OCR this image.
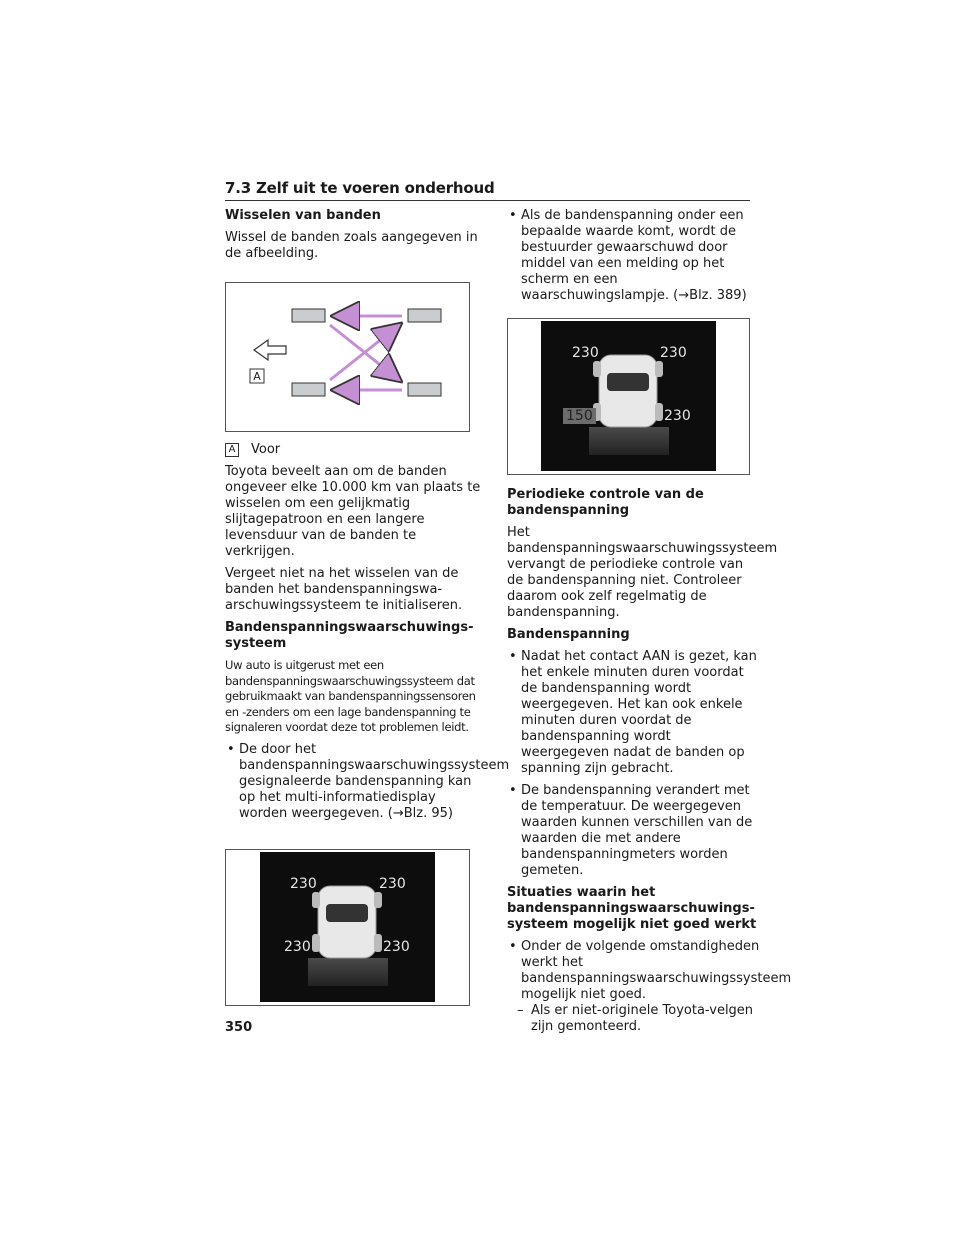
7.3 Zelf uit te voeren onderhoud
Wisselen van banden

Wissel de banden zoals aangegeven in de afbeelding.

A

A Voor

Toyota beveelt aan om de banden ongeveer elke 10.000 km van plaats te wisselen om een gelijkmatig slijtagepatroon en een langere levensduur van de banden te verkrijgen.

Vergeet niet na het wisselen van de banden het bandenspanningswa-arschuwingssysteem te initialiseren.

Bandenspanningswaarschuwings-systeem

Uw auto is uitgerust met een bandenspanningswaarschuwingssysteem dat gebruikmaakt van bandenspanningssensoren en -zenders om een lage bandenspanning te signaleren voordat deze tot problemen leidt.

• De door het bandenspanningswaarschuwingssysteem gesignaleerde bandenspanning kan op het multi-informatiedisplay worden weergegeven. (→Blz. 95)

230	230
230	230

• Als de bandenspanning onder een bepaalde waarde komt, wordt de bestuurder gewaarschuwd door middel van een melding op het scherm en een waarschuwingslampje. (→Blz. 389)

230	230
150	230
Periodieke controle van de bandenspanning

Het bandenspanningswaarschuwingssysteem vervangt de periodieke controle van de bandenspanning niet. Controleer daarom ook zelf regelmatig de bandenspanning.

Bandenspanning

• Nadat het contact AAN is gezet, kan het enkele minuten duren voordat de bandenspanning wordt weergegeven. Het kan ook enkele minuten duren voordat de bandenspanning wordt weergegeven nadat de banden op spanning zijn gebracht.

• De bandenspanning verandert met de temperatuur. De weergegeven waarden kunnen verschillen van de waarden die met andere bandenspanningmeters worden gemeten.

Situaties waarin het bandenspanningswaarschuwings-systeem mogelijk niet goed werkt

• Onder de volgende omstandigheden werkt het bandenspanningswaarschuwingssysteem mogelijk niet goed.

– Als er niet-originele Toyota-velgen zijn gemonteerd.

350
